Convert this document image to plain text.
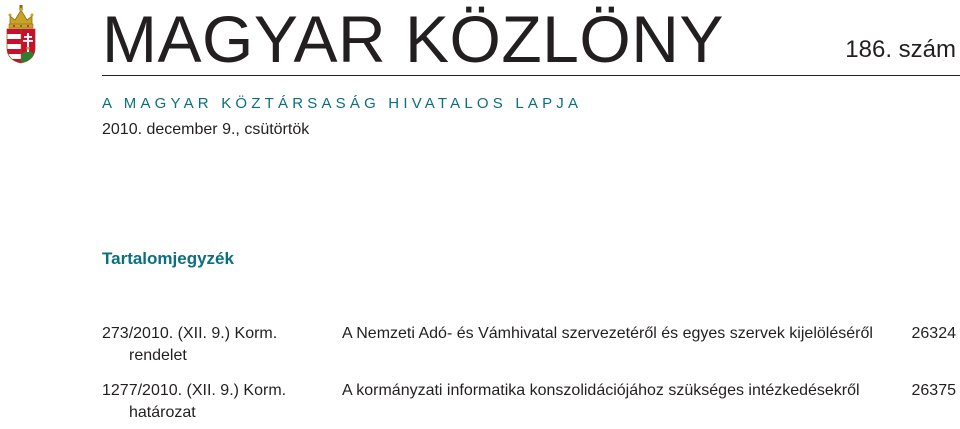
MAGYAR KÖZLÖNY	186. szám
A MAGYAR KÖZTÁRSASÁG HIVATALOS LAPJA
2010. december 9., csütörtök
Tartalomjegyzék
273/2010. (XII. 9.) Korm.
rendelet
A Nemzeti Adó- és Vámhivatal szervezetéről és egyes szervek kijelöléséről 26324
1277/2010. (XII. 9.) Korm.
határozat
A kormányzati informatika konszolidációjához szükséges intézkedésekről	26375
